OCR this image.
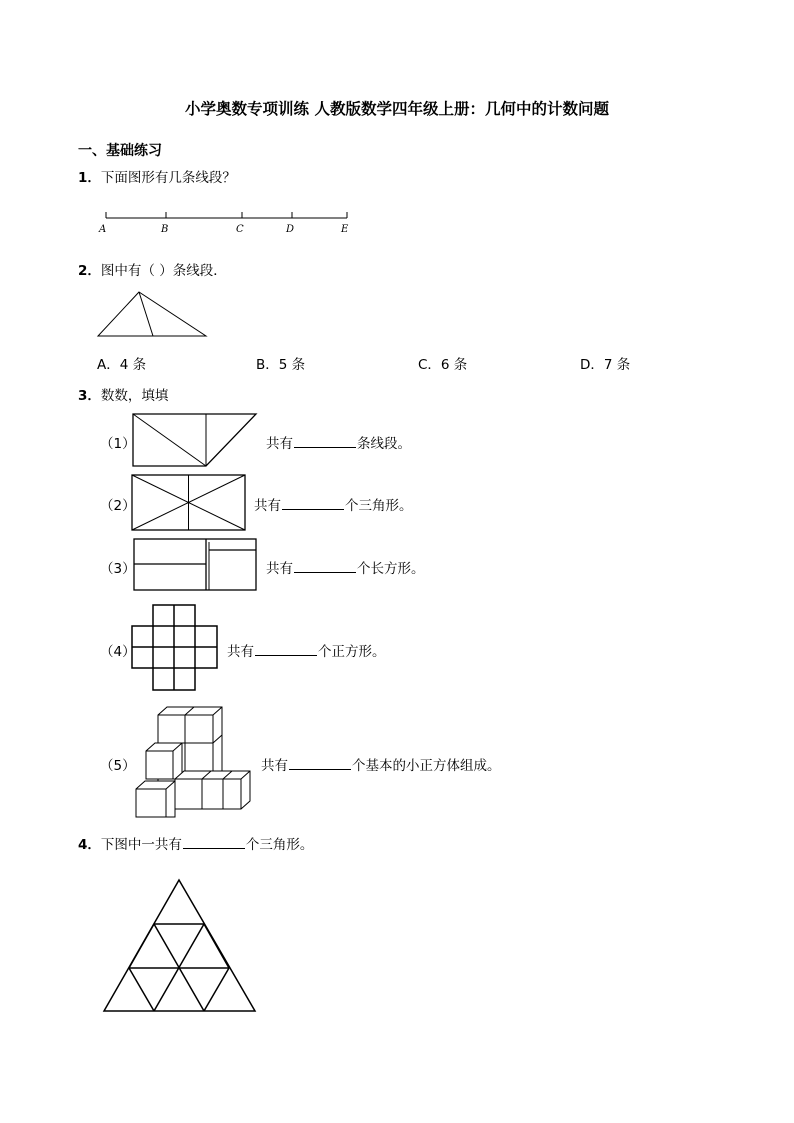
小学奥数专项训练 人教版数学四年级上册：几何中的计数问题
一、基础练习
1．下面图形有几条线段？
A	B	C	D	E
2．图中有（ ）条线段．
A．4 条	B．5 条	C．6 条	D．7 条
3．数数，填填
（1）	共有	条线段。
（2）	共有	个三角形。
（3）	共有	个长方形。
（4）	共有	个正方形。
（5）	共有	个基本的小正方体组成。
4．下图中一共有	个三角形。
